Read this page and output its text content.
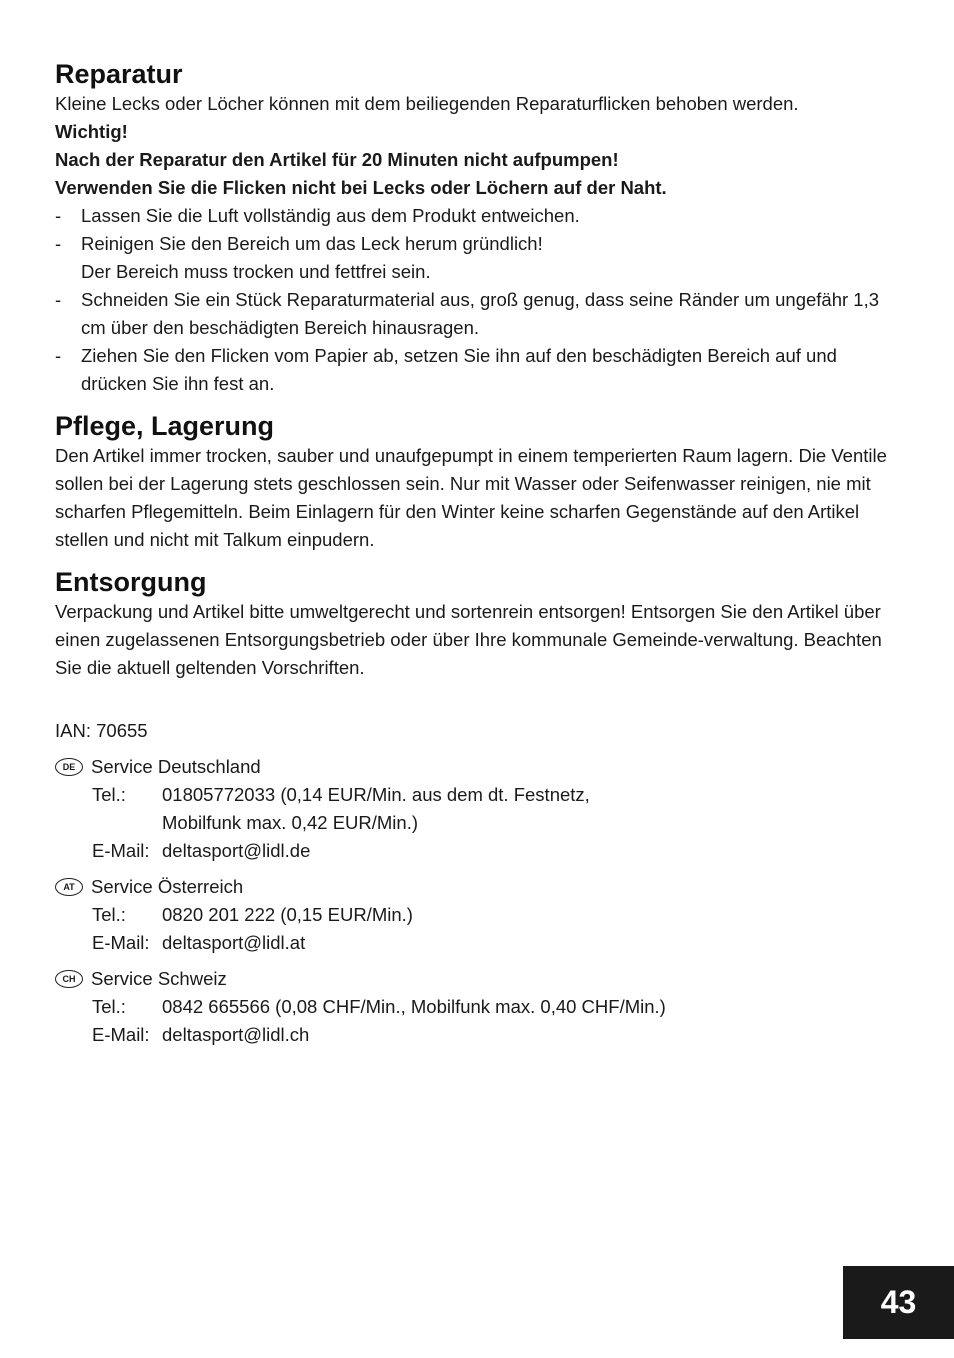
Reparatur

Kleine Lecks oder Löcher können mit dem beiliegenden Reparaturflicken behoben werden.

Wichtig!

Nach der Reparatur den Artikel für 20 Minuten nicht aufpumpen!

Verwenden Sie die Flicken nicht bei Lecks oder Löchern auf der Naht.

- Lassen Sie die Luft vollständig aus dem Produkt entweichen.
- Reinigen Sie den Bereich um das Leck herum gründlich!
Der Bereich muss trocken und fettfrei sein.
- Schneiden Sie ein Stück Reparaturmaterial aus, groß genug, dass seine Ränder um ungefähr 1,3 cm über den beschädigten Bereich hinausragen.
- Ziehen Sie den Flicken vom Papier ab, setzen Sie ihn auf den beschädigten Bereich auf und drücken Sie ihn fest an.
Pflege, Lagerung

Den Artikel immer trocken, sauber und unaufgepumpt in einem temperierten Raum lagern. Die Ventile sollen bei der Lagerung stets geschlossen sein. Nur mit Wasser oder Seifenwasser reinigen, nie mit scharfen Pflegemitteln. Beim Einlagern für den Winter keine scharfen Gegenstände auf den Artikel stellen und nicht mit Talkum einpudern.

Entsorgung

Verpackung und Artikel bitte umweltgerecht und sortenrein entsorgen! Entsorgen Sie den Artikel über einen zugelassenen Entsorgungsbetrieb oder über Ihre kommunale Gemeinde-verwaltung. Beachten Sie die aktuell geltenden Vorschriften.

IAN: 70655
DE Service Deutschland
Tel.:	01805772033 (0,14 EUR/Min. aus dem dt. Festnetz,
Mobilfunk max. 0,42 EUR/Min.)
E-Mail: deltasport@lidl.de
AT Service Österreich
Tel.:	0820 201 222 (0,15 EUR/Min.)
E-Mail: deltasport@lidl.at
CH Service Schweiz
Tel.:	0842 665566 (0,08 CHF/Min., Mobilfunk max. 0,40 CHF/Min.)
E-Mail: deltasport@lidl.ch
43
